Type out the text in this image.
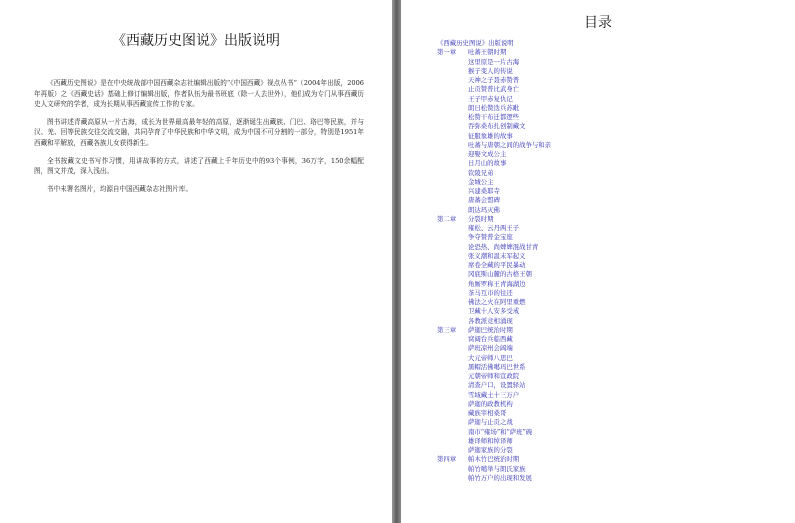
《西藏历史图说》出版说明

《西藏历史图说》是在中央统战部中国西藏杂志社编辑出版的“《中国西藏》视点丛书”（2004年出版，2006年再版）之《西藏史话》基础上修订编辑出版，作者队伍为最书班底（除一人去世外），他们成为专门从事西藏历史人文研究的学者，成为长期从事西藏宣传工作的专家。

图书讲述青藏高原从一片古海，成长为世界最高最年轻的高原，逐渐诞生出藏族、门巴、珞巴等民族，并与汉、羌、回等民族交往交流交融，共同孕育了中华民族和中华文明，成为中国不可分割的一部分，特别是1951年西藏和平解放，西藏各族儿女获得新生。

全书按藏文史书写作习惯，用讲故事的方式，讲述了西藏上千年历史中的93个事例，36万字，150余幅配图，图文并茂，深入浅出。

书中未署名图片，均源自中国西藏杂志社图片库。

目录
《西藏历史图说》出版说明
第一章 吐蕃王朝时期
这里原是一片古海
猴子变人的传说
天神之子聂赤赞普
止贡赞普比武身亡
王子甲赤复仇记
朗日松赞迭兵苏毗
松赞干布迁都逻些
吞弥桑布扎创制藏文
征服象雄的故事
吐蕃与唐朝之间的战争与和亲
迎娶文成公主
日月山的故事
钦陵兄弟
金城公主
兴建桑耶寺
唐蕃会盟碑
朗达玛灭佛
第二章 分裂时期
雍松、云丹两王子
争夺赞普金宝座
论恐热、尚婢婢混战甘青
张义潮和温末军起义
席卷全藏的平民暴动
冈底斯山麓的古格王朝
角厮罗称王青海湖边
茶马互市的往还
佛法之火在阿里重燃
卫藏十人安多受戒
各教派竞相涌现
第三章 萨迦巴统治时期
窝阔台兵临西藏
萨班凉州会阔端
大元帝师八思巴
黑帽活佛噶玛巴世系
元朝帝师和宣政院
清查户口，设置驿站
雪域藏土十三万户
萨迦的政教机构
藏族宰相桑哥
萨迦与止贡之战
南市“雍场”和“萨班”碗
雄译师和绰译师
萨迦家族的分裂
第四章 帕木竹巴统治时期
帕竹噶举与朗氏家族
帕竹万户的出现和发展
